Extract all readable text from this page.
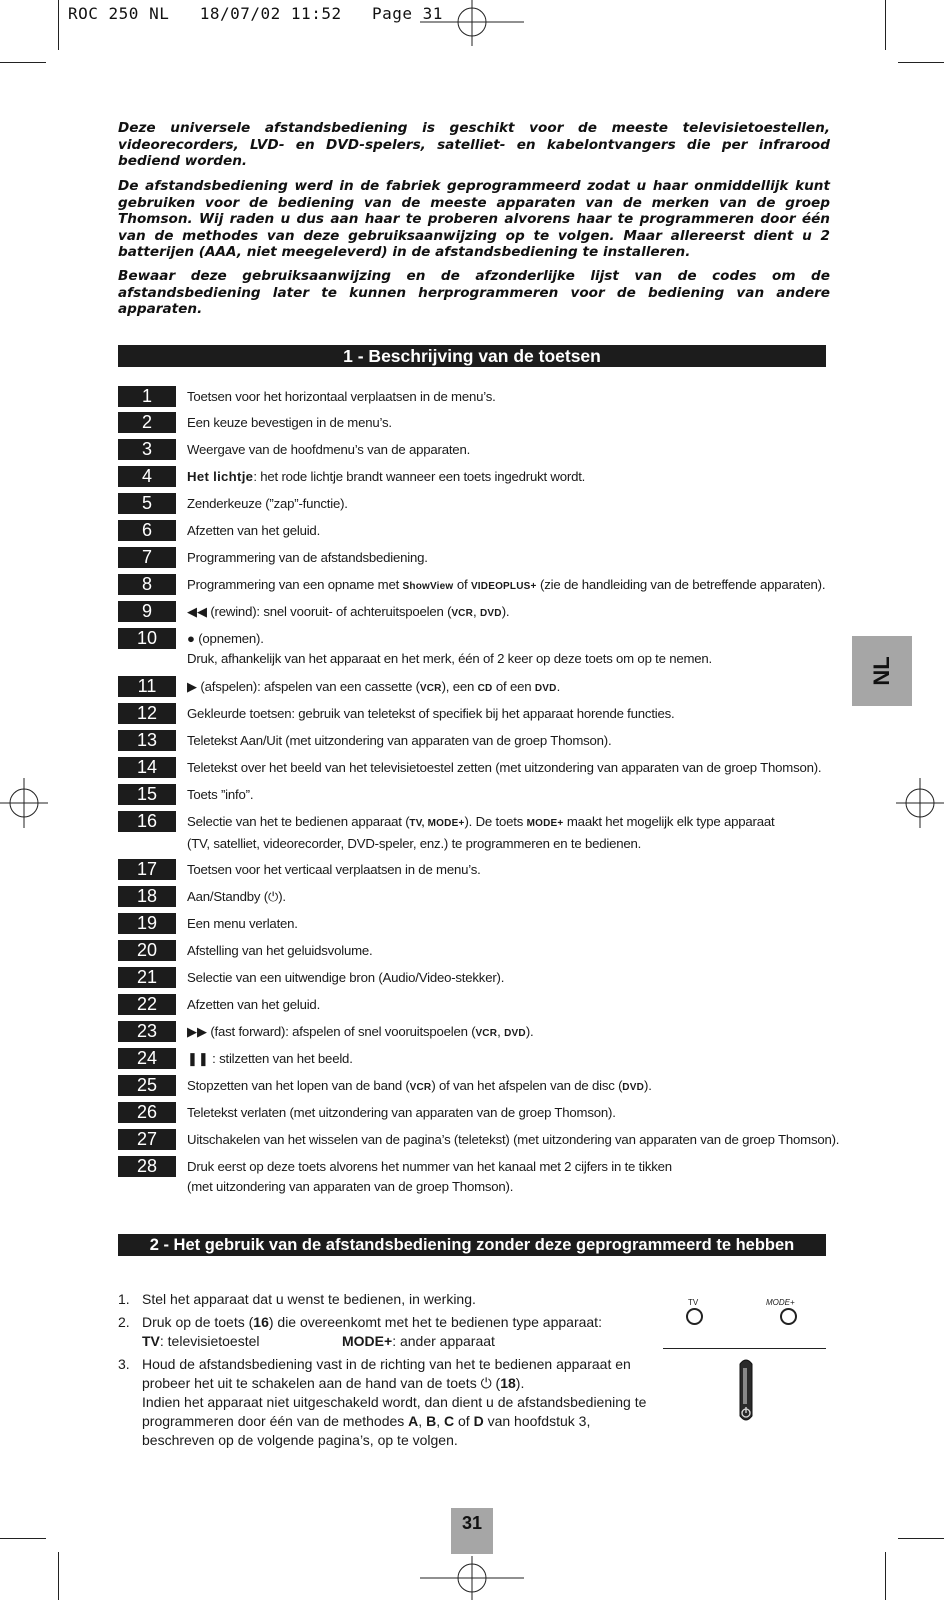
ROC 250 NL   18/07/02 11:52   Page 31
Deze universele afstandsbediening is geschikt voor de meeste televisietoestellen, videorecorders, LVD- en DVD-spelers, satelliet- en kabelontvangers die per infrarood bediend worden.
De afstandsbediening werd in de fabriek geprogrammeerd zodat u haar onmiddellijk kunt gebruiken voor de bediening van de meeste apparaten van de merken van de groep Thomson. Wij raden u dus aan haar te proberen alvorens haar te programmeren door één van de methodes van deze gebruiksaanwijzing op te volgen. Maar allereerst dient u 2 batterijen (AAA, niet meegeleverd) in de afstandsbediening te installeren.
Bewaar deze gebruiksaanwijzing en de afzonderlijke lijst van de codes om de afstandsbediening later te kunnen herprogrammeren voor de bediening van andere apparaten.
1 - Beschrijving van de toetsen
1	Toetsen voor het horizontaal verplaatsen in de menu’s.
2	Een keuze bevestigen in de menu’s.
3	Weergave van de hoofdmenu’s van de apparaten.
4	Het lichtje: het rode lichtje brandt wanneer een toets ingedrukt wordt.
5	Zenderkeuze (”zap”-functie).
6	Afzetten van het geluid.
7	Programmering van de afstandsbediening.
8	Programmering van een opname met ShowView of VIDEOPLUS+ (zie de handleiding van de betreffende apparaten).
9	◀◀ (rewind): snel vooruit- of achteruitspoelen (VCR, DVD).
10	● (opnemen).
Druk, afhankelijk van het apparaat en het merk, één of 2 keer op deze toets om op te nemen.
11	▶ (afspelen): afspelen van een cassette (VCR), een CD of een DVD.
12	Gekleurde toetsen: gebruik van teletekst of specifiek bij het apparaat horende functies.
13	Teletekst Aan/Uit (met uitzondering van apparaten van de groep Thomson).
14	Teletekst over het beeld van het televisietoestel zetten (met uitzondering van apparaten van de groep Thomson).
15	Toets ”info”.
16	Selectie van het te bedienen apparaat (TV, MODE+). De toets MODE+ maakt het mogelijk elk type apparaat
(TV, satelliet, videorecorder, DVD-speler, enz.) te programmeren en te bedienen.
17	Toetsen voor het verticaal verplaatsen in de menu’s.
18	Aan/Standby (⏻).
19	Een menu verlaten.
20	Afstelling van het geluidsvolume.
21	Selectie van een uitwendige bron (Audio/Video-stekker).
22	Afzetten van het geluid.
23	▶▶ (fast forward): afspelen of snel vooruitspoelen (VCR, DVD).
24	❚❚ : stilzetten van het beeld.
25	Stopzetten van het lopen van de band (VCR) of van het afspelen van de disc (DVD).
26	Teletekst verlaten (met uitzondering van apparaten van de groep Thomson).
27	Uitschakelen van het wisselen van de pagina’s (teletekst) (met uitzondering van apparaten van de groep Thomson).
28	Druk eerst op deze toets alvorens het nummer van het kanaal met 2 cijfers in te tikken
(met uitzondering van apparaten van de groep Thomson).
NL
2 - Het gebruik van de afstandsbediening zonder deze geprogrammeerd te hebben
1. Stel het apparaat dat u wenst te bedienen, in werking.
2. Druk op de toets (16) die overeenkomt met het te bedienen type apparaat:
TV: televisietoestel	MODE+: ander apparaat
3. Houd de afstandsbediening vast in de richting van het te bedienen apparaat en
probeer het uit te schakelen aan de hand van de toets ⏻ (18).
Indien het apparaat niet uitgeschakeld wordt, dan dient u de afstandsbediening te
programmeren door één van de methodes A, B, C of D van hoofdstuk 3,
beschreven op de volgende pagina’s, op te volgen.
TV	MODE+
31
